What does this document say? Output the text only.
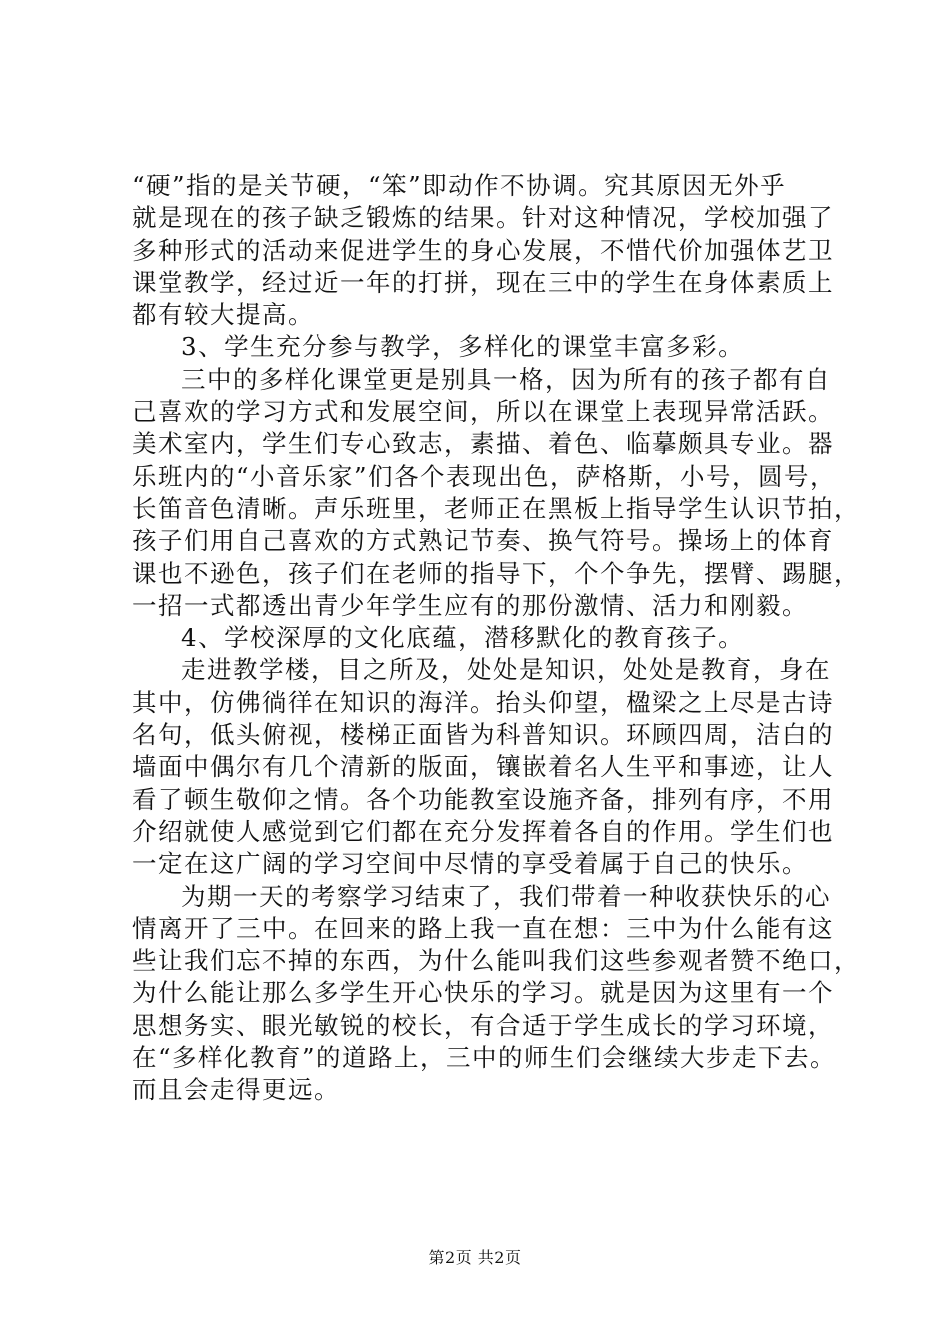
“硬”指的是关节硬，“笨”即动作不协调。究其原因无外乎
就是现在的孩子缺乏锻炼的结果。针对这种情况，学校加强了
多种形式的活动来促进学生的身心发展，不惜代价加强体艺卫
课堂教学，经过近一年的打拼，现在三中的学生在身体素质上
都有较大提高。
3、学生充分参与教学，多样化的课堂丰富多彩。
三中的多样化课堂更是别具一格，因为所有的孩子都有自
己喜欢的学习方式和发展空间，所以在课堂上表现异常活跃。
美术室内，学生们专心致志，素描、着色、临摹颇具专业。器
乐班内的“小音乐家”们各个表现出色，萨格斯，小号，圆号，
长笛音色清晰。声乐班里，老师正在黑板上指导学生认识节拍，
孩子们用自己喜欢的方式熟记节奏、换气符号。操场上的体育
课也不逊色，孩子们在老师的指导下，个个争先，摆臂、踢腿，
一招一式都透出青少年学生应有的那份激情、活力和刚毅。
4、学校深厚的文化底蕴，潜移默化的教育孩子。
走进教学楼，目之所及，处处是知识，处处是教育，身在
其中，仿佛徜徉在知识的海洋。抬头仰望，楹梁之上尽是古诗
名句，低头俯视，楼梯正面皆为科普知识。环顾四周，洁白的
墙面中偶尔有几个清新的版面，镶嵌着名人生平和事迹，让人
看了顿生敬仰之情。各个功能教室设施齐备，排列有序，不用
介绍就使人感觉到它们都在充分发挥着各自的作用。学生们也
一定在这广阔的学习空间中尽情的享受着属于自己的快乐。
为期一天的考察学习结束了，我们带着一种收获快乐的心
情离开了三中。在回来的路上我一直在想：三中为什么能有这
些让我们忘不掉的东西，为什么能叫我们这些参观者赞不绝口，
为什么能让那么多学生开心快乐的学习。就是因为这里有一个
思想务实、眼光敏锐的校长，有合适于学生成长的学习环境，
在“多样化教育”的道路上，三中的师生们会继续大步走下去。
而且会走得更远。
第2页 共2页
